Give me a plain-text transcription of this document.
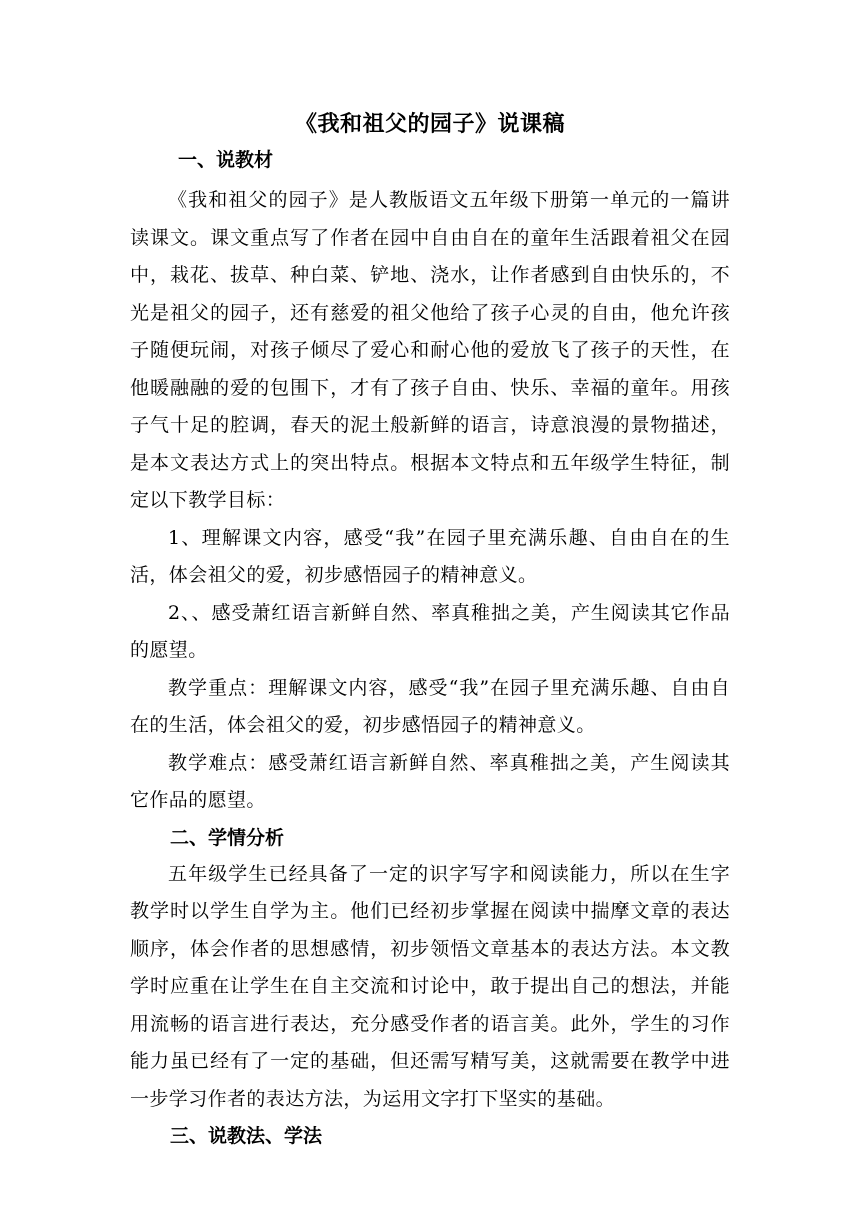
《我和祖父的园子》说课稿
一、说教材

《我和祖父的园子》是人教版语文五年级下册第一单元的一篇讲读课文。课文重点写了作者在园中自由自在的童年生活跟着祖父在园中，栽花、拔草、种白菜、铲地、浇水，让作者感到自由快乐的，不光是祖父的园子，还有慈爱的祖父他给了孩子心灵的自由，他允许孩子随便玩闹，对孩子倾尽了爱心和耐心他的爱放飞了孩子的天性，在他暖融融的爱的包围下，才有了孩子自由、快乐、幸福的童年。用孩子气十足的腔调，春天的泥土般新鲜的语言，诗意浪漫的景物描述，是本文表达方式上的突出特点。根据本文特点和五年级学生特征，制定以下教学目标：

1、理解课文内容，感受“我”在园子里充满乐趣、自由自在的生活，体会祖父的爱，初步感悟园子的精神意义。

2、、感受萧红语言新鲜自然、率真稚拙之美，产生阅读其它作品的愿望。

教学重点：理解课文内容，感受“我”在园子里充满乐趣、自由自在的生活，体会祖父的爱，初步感悟园子的精神意义。

教学难点：感受萧红语言新鲜自然、率真稚拙之美，产生阅读其它作品的愿望。

二、学情分析

五年级学生已经具备了一定的识字写字和阅读能力，所以在生字教学时以学生自学为主。他们已经初步掌握在阅读中揣摩文章的表达顺序，体会作者的思想感情，初步领悟文章基本的表达方法。本文教学时应重在让学生在自主交流和讨论中，敢于提出自己的想法，并能用流畅的语言进行表达，充分感受作者的语言美。此外，学生的习作能力虽已经有了一定的基础，但还需写精写美，这就需要在教学中进一步学习作者的表达方法，为运用文字打下坚实的基础。

三、说教法、学法
